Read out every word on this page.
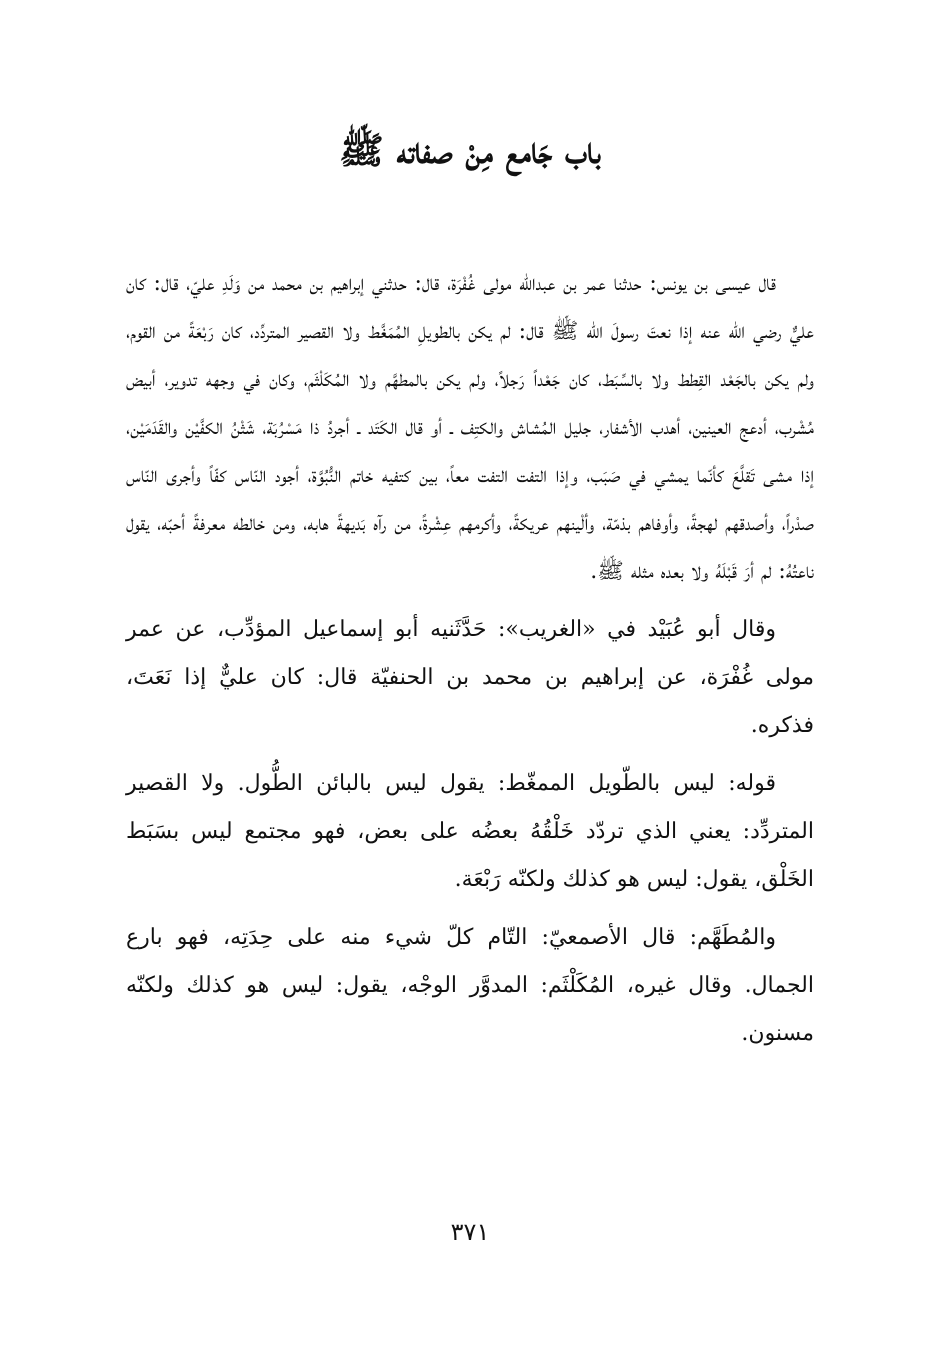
باب جَامع مِنْ صفاته ﷺ

قال عيسى بن يونس: حدثنا عمر بن عبدالله مولى غُفْرَة، قال: حدثني إبراهيم بن محمد من وَلَدِ عليّ، قال: كان عليٌّ رضي الله عنه إذا نعتَ رسولَ الله ﷺ قال: لم يكن بالطويلِ المُمَغَّط ولا القصير المتردِّد، كان رَبْعَةً من القوم، ولم يكن بالجَعْد القِطط ولا بالسِّبَط، كان جَعْداً رَجلاً، ولم يكن بالمطهَّم ولا المُكَلْثَم، وكان في وجهه تدوير، أبيض مُشْرب، أدعج العينين، أهدب الأشفار، جليل المُشاش والكتِف ـ أو قال الكَتَد ـ أجردُ ذا مَسْرُبَة، شَثْنُ الكفَّيْن والقَدَمَيْن، إذا مشى تَقلَّعَ كأنّما يمشي في صَبَب، وإذا التفت التفت معاً، بين كتفيه خاتم النُّبُوَّة، أجود النّاس كفّاً وأجرى النّاس صدْراً، وأصدقهم لهجةً، وأوفاهم بذمّة، وألْينهم عريكةً، وأكرمهم عِشْرةً، من رآه بَديهةً هابه، ومن خالطه معرفةً أحبّه، يقول ناعتُهُ: لم أرَ قَبْلَهُ ولا بعده مثله ﷺ.

وقال أبو عُبَيْد في «الغريب»: حَدَّثَنيه أبو إسماعيل المؤدِّب، عن عمر مولى غُفْرَة، عن إبراهيم بن محمد بن الحنفيّة قال: كان عليٌّ إذا نَعَتَ، فذكره.

قوله: ليس بالطّويل الممغّط: يقول ليس بالبائن الطُّول. ولا القصير المتردِّد: يعني الذي تردّد خَلْقُهُ بعضُه على بعض، فهو مجتمع ليس بسَبَط الخَلْق، يقول: ليس هو كذلك ولكنّه رَبْعَة.

والمُطَهَّم: قال الأصمعيّ: التّام كلّ شيء منه على حِدَتِه، فهو بارع الجمال. وقال غيره، المُكَلْثَم: المدوَّر الوجْه، يقول: ليس هو كذلك ولكنّه مسنون.

٣٧١
